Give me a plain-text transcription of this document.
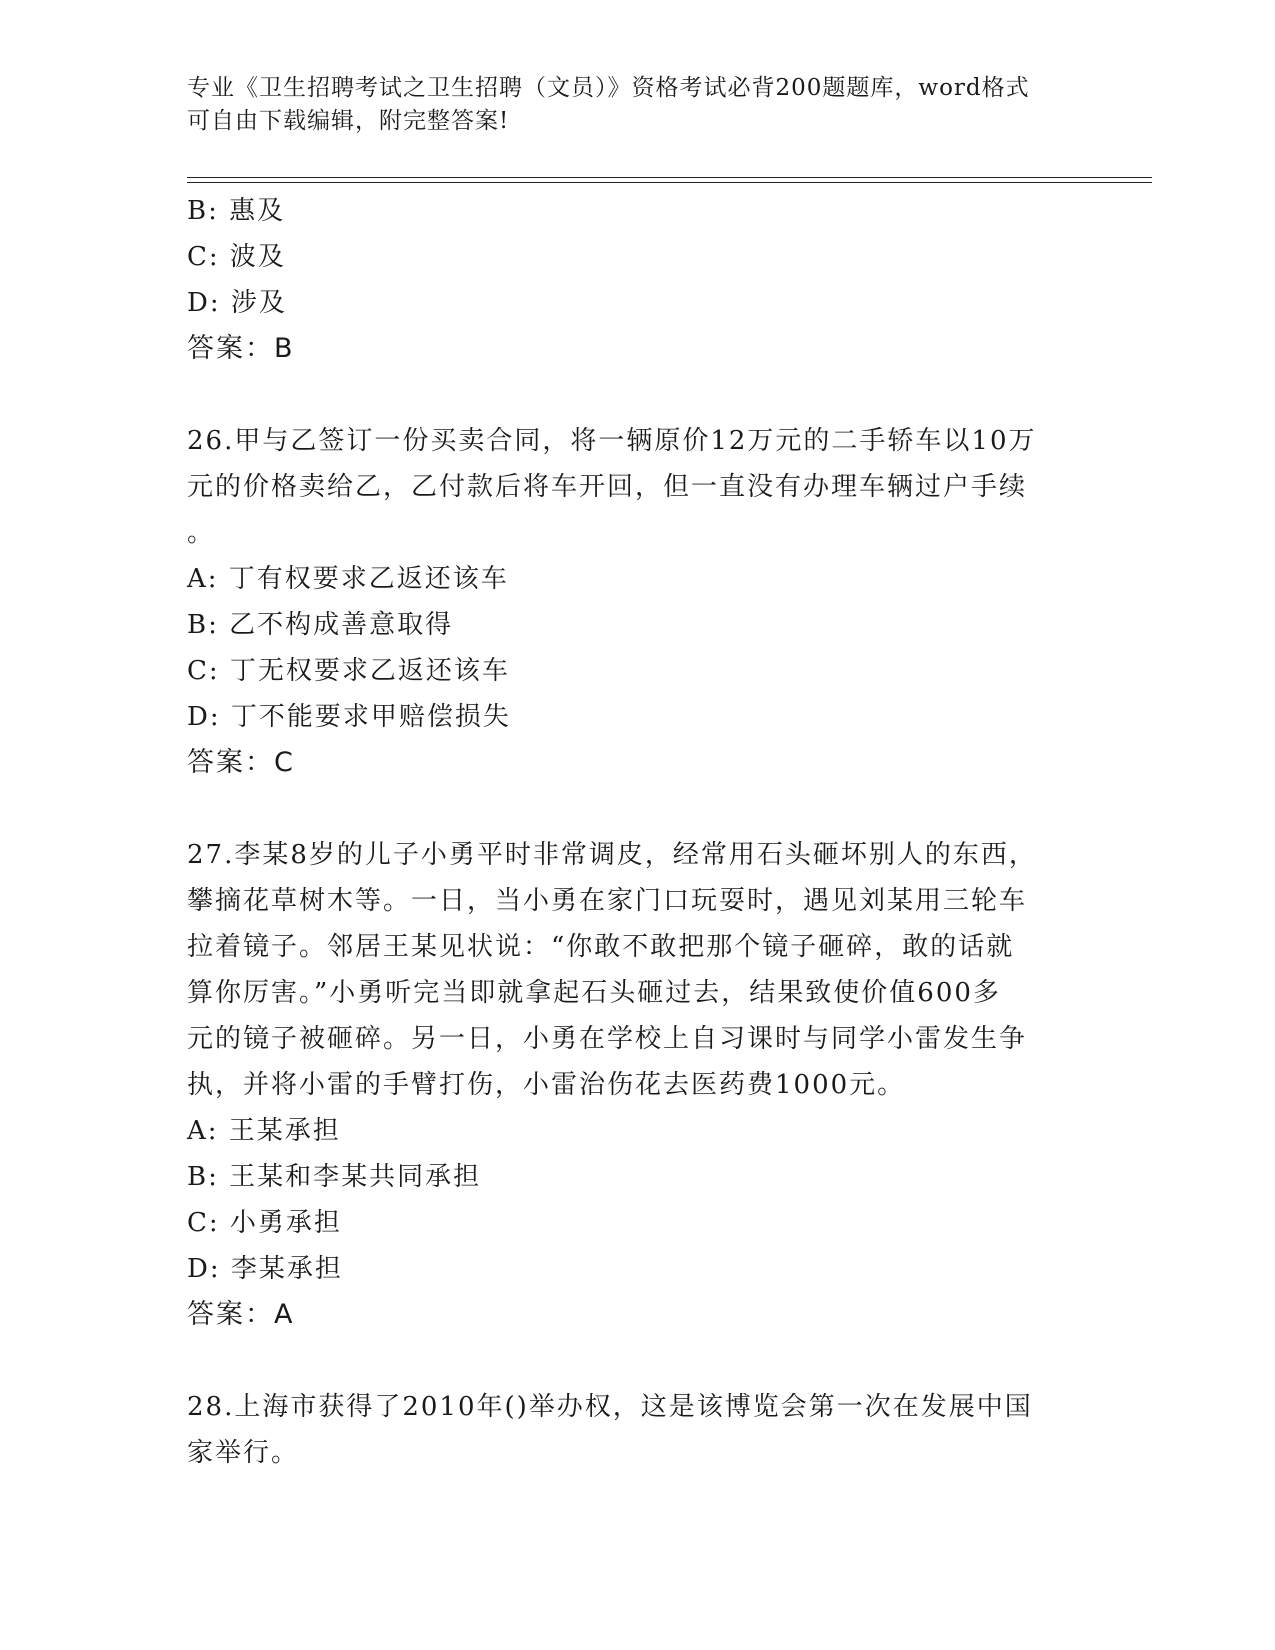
专业《卫生招聘考试之卫生招聘（文员）》资格考试必背200题题库，word格式
可自由下载编辑，附完整答案!
B: 惠及
C: 波及
D: 涉及
答案：B
26.甲与乙签订一份买卖合同，将一辆原价12万元的二手轿车以10万
元的价格卖给乙，乙付款后将车开回，但一直没有办理车辆过户手续
。
A: 丁有权要求乙返还该车
B: 乙不构成善意取得
C: 丁无权要求乙返还该车
D: 丁不能要求甲赔偿损失
答案：C
27.李某8岁的儿子小勇平时非常调皮，经常用石头砸坏别人的东西，
攀摘花草树木等。一日，当小勇在家门口玩耍时，遇见刘某用三轮车
拉着镜子。邻居王某见状说：“你敢不敢把那个镜子砸碎，敢的话就
算你厉害。”小勇听完当即就拿起石头砸过去，结果致使价值600多
元的镜子被砸碎。另一日，小勇在学校上自习课时与同学小雷发生争
执，并将小雷的手臂打伤，小雷治伤花去医药费1000元。
A: 王某承担
B: 王某和李某共同承担
C: 小勇承担
D: 李某承担
答案：A
28.上海市获得了2010年()举办权，这是该博览会第一次在发展中国
家举行。
